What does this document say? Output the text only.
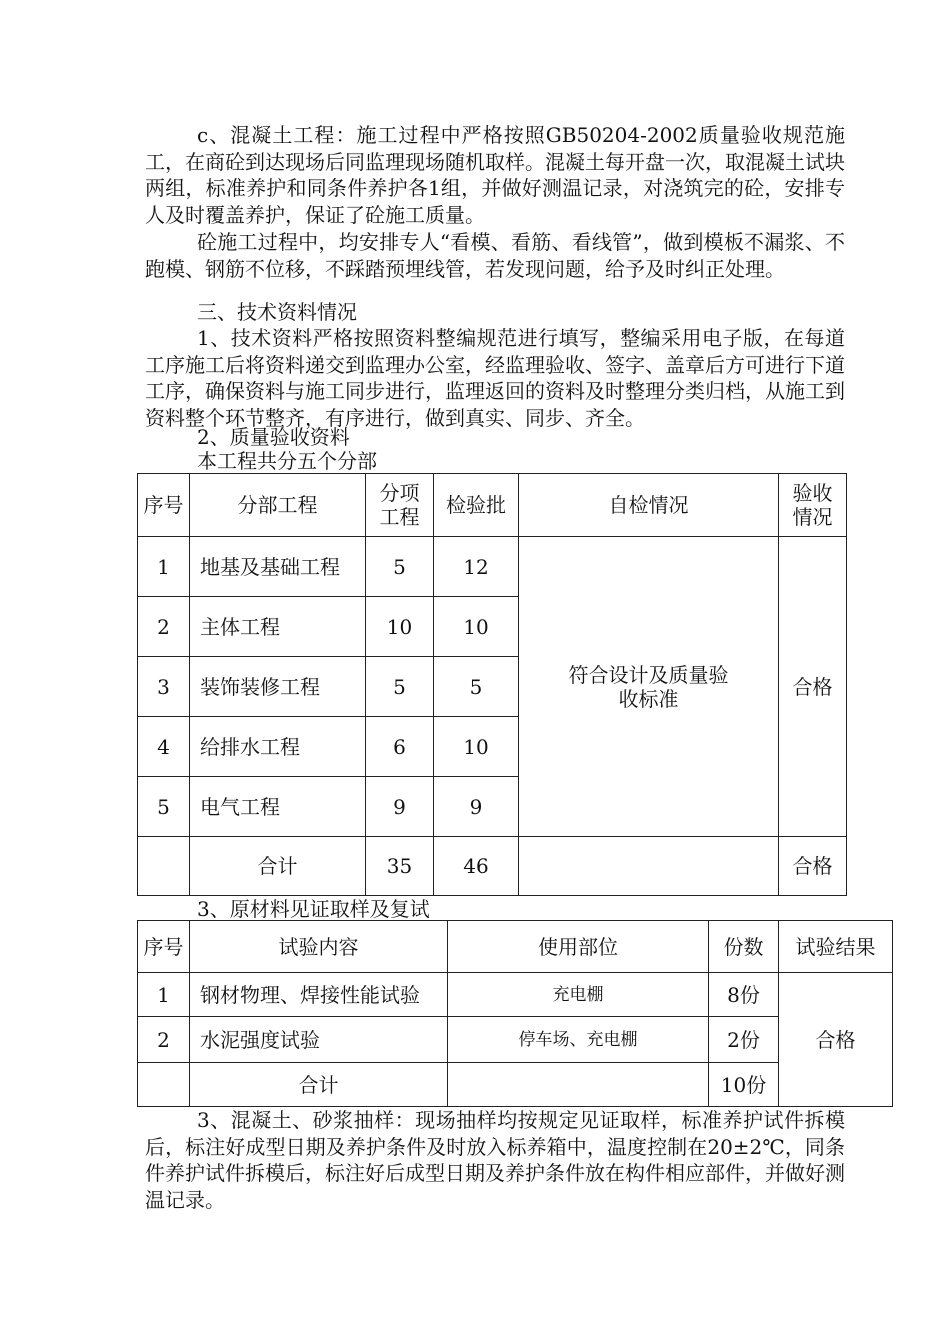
c、混凝土工程：施工过程中严格按照GB50204-2002质量验收规范施工，在商砼到达现场后同监理现场随机取样。混凝土每开盘一次，取混凝土试块两组，标准养护和同条件养护各1组，并做好测温记录，对浇筑完的砼，安排专人及时覆盖养护，保证了砼施工质量。

砼施工过程中，均安排专人“看模、看筋、看线管”，做到模板不漏浆、不跑模、钢筋不位移，不踩踏预埋线管，若发现问题，给予及时纠正处理。

三、技术资料情况

1、技术资料严格按照资料整编规范进行填写，整编采用电子版，在每道工序施工后将资料递交到监理办公室，经监理验收、签字、盖章后方可进行下道工序，确保资料与施工同步进行，监理返回的资料及时整理分类归档，从施工到资料整个环节整齐，有序进行，做到真实、同步、齐全。

2、质量验收资料
本工程共分五个分部
序号	分部工程	分项工程	检验批	自检情况	验收情况
1	地基及基础工程	5	12	符合设计及质量验收标准	合格
2	主体工程	10	10		
3	装饰装修工程	5	5		
4	给排水工程	6	10		
5	电气工程	9	9		
	合计	35	46		合格
3、原材料见证取样及复试
序号	试验内容	使用部位	份数	试验结果
1	钢材物理、焊接性能试验	充电棚	8份	合格
2	水泥强度试验	停车场、充电棚	2份	
	合计		10份	

3、混凝土、砂浆抽样：现场抽样均按规定见证取样，标准养护试件拆模后，标注好成型日期及养护条件及时放入标养箱中，温度控制在20±2℃，同条件养护试件拆模后，标注好后成型日期及养护条件放在构件相应部件，并做好测温记录。
